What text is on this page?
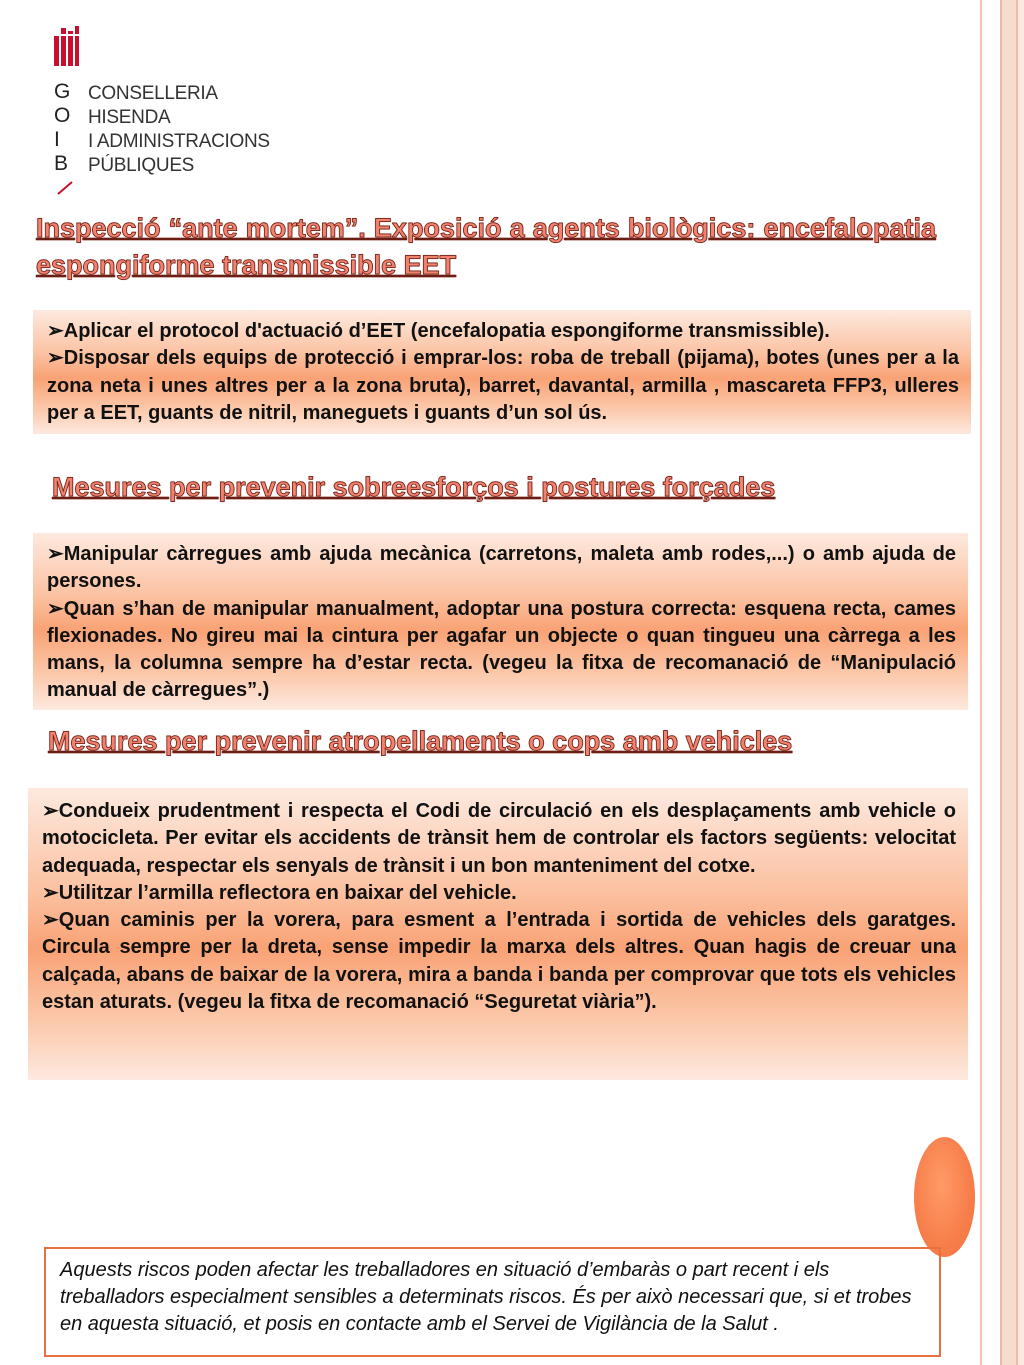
G
O
I
B
CONSELLERIA
HISENDA
I ADMINISTRACIONS
PÚBLIQUES
Inspecció “ante mortem”. Exposició a agents biològics: encefalopatia espongiforme transmissible EET

➢Aplicar el protocol d'actuació d’EET (encefalopatia espongiforme transmissible).

➢Disposar dels equips de protecció i emprar-los: roba de treball (pijama), botes (unes per a la zona neta i unes altres per a la zona bruta), barret, davantal, armilla , mascareta FFP3, ulleres per a EET, guants de nitril, maneguets i guants d’un sol ús.

Mesures per prevenir sobreesforços i postures forçades

➢Manipular càrregues amb ajuda mecànica (carretons, maleta amb rodes,...) o amb ajuda de persones.

➢Quan s’han de manipular manualment, adoptar una postura correcta: esquena recta, cames flexionades. No gireu mai la cintura per agafar un objecte o quan tingueu una càrrega a les mans, la columna sempre ha d’estar recta. (vegeu la fitxa de recomanació de “Manipulació manual de càrregues”.)

Mesures per prevenir atropellaments o cops amb vehicles

➢Condueix prudentment i respecta el Codi de circulació en els desplaçaments amb vehicle o motocicleta. Per evitar els accidents de trànsit hem de controlar els factors següents: velocitat adequada, respectar els senyals de trànsit i un bon manteniment del cotxe.

➢Utilitzar l’armilla reflectora en baixar del vehicle.

➢Quan caminis per la vorera, para esment a l’entrada i sortida de vehicles dels garatges. Circula sempre per la dreta, sense impedir la marxa dels altres. Quan hagis de creuar una calçada, abans de baixar de la vorera, mira a banda i banda per comprovar que tots els vehicles estan aturats. (vegeu la fitxa de recomanació “Seguretat viària”).

Aquests riscos poden afectar les treballadores en situació d’embaràs o part recent i els treballadors especialment sensibles a determinats riscos. És per això necessari que, si et trobes en aquesta situació, et posis en contacte amb el Servei de Vigilància de la Salut .
